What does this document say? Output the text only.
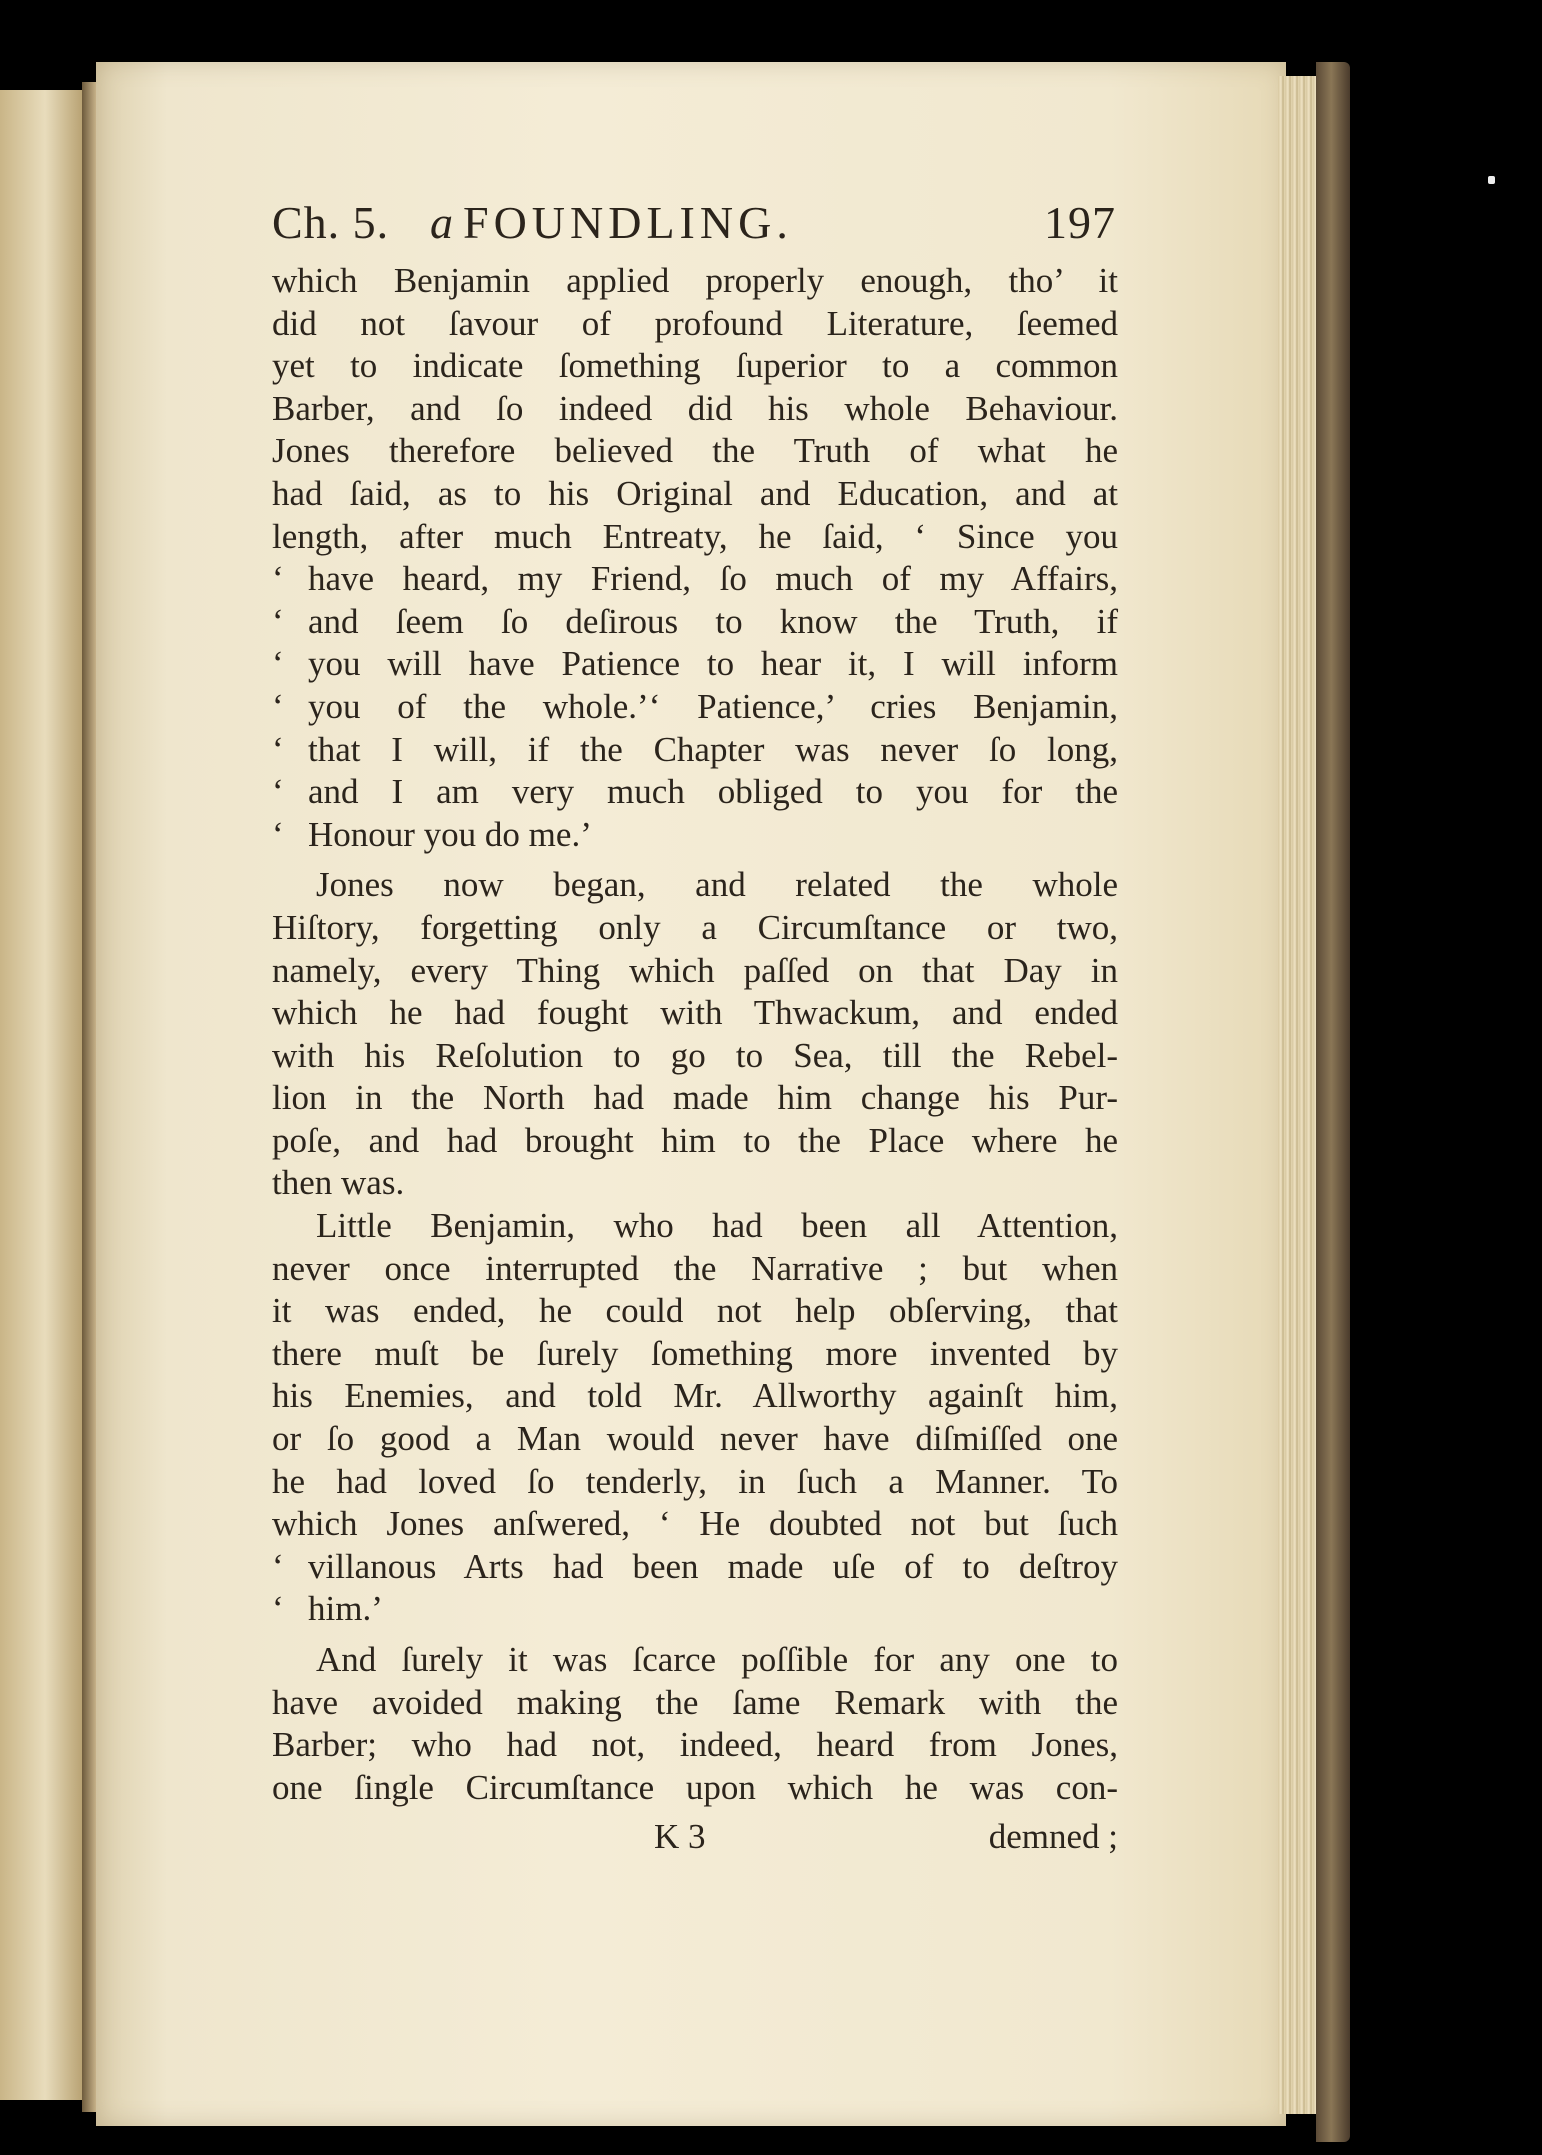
Ch. 5. a FOUNDLING.	197
which Benjamin applied properly enough, tho’ it
did not ſavour of profound Literature, ſeemed
yet to indicate ſomething ſuperior to a common
Barber, and ſo indeed did his whole Behaviour.
Jones therefore believed the Truth of what he
had ſaid, as to his Original and Education, and at
length, after much Entreaty, he ſaid, ‘ Since you
‘ have heard, my Friend, ſo much of my Affairs,
‘ and ſeem ſo deſirous to know the Truth, if
‘ you will have Patience to hear it, I will inform
‘ you of the whole.’‘ Patience,’ cries Benjamin,
‘ that I will, if the Chapter was never ſo long,
‘ and I am very much obliged to you for the
‘ Honour you do me.’
Jones now began, and related the whole
Hiſtory, forgetting only a Circumſtance or two,
namely, every Thing which paſſed on that Day in
which he had fought with Thwackum, and ended
with his Reſolution to go to Sea, till the Rebel-
lion in the North had made him change his Pur-
poſe, and had brought him to the Place where he
then was.
Little Benjamin, who had been all Attention,
never once interrupted the Narrative ; but when
it was ended, he could not help obſerving, that
there muſt be ſurely ſomething more invented by
his Enemies, and told Mr. Allworthy againſt him,
or ſo good a Man would never have diſmiſſed one
he had loved ſo tenderly, in ſuch a Manner. To
which Jones anſwered, ‘ He doubted not but ſuch
‘ villanous Arts had been made uſe of to deſtroy
‘ him.’
And ſurely it was ſcarce poſſible for any one to
have avoided making the ſame Remark with the
Barber; who had not, indeed, heard from Jones,
one ſingle Circumſtance upon which he was con-
K 3	demned ;
